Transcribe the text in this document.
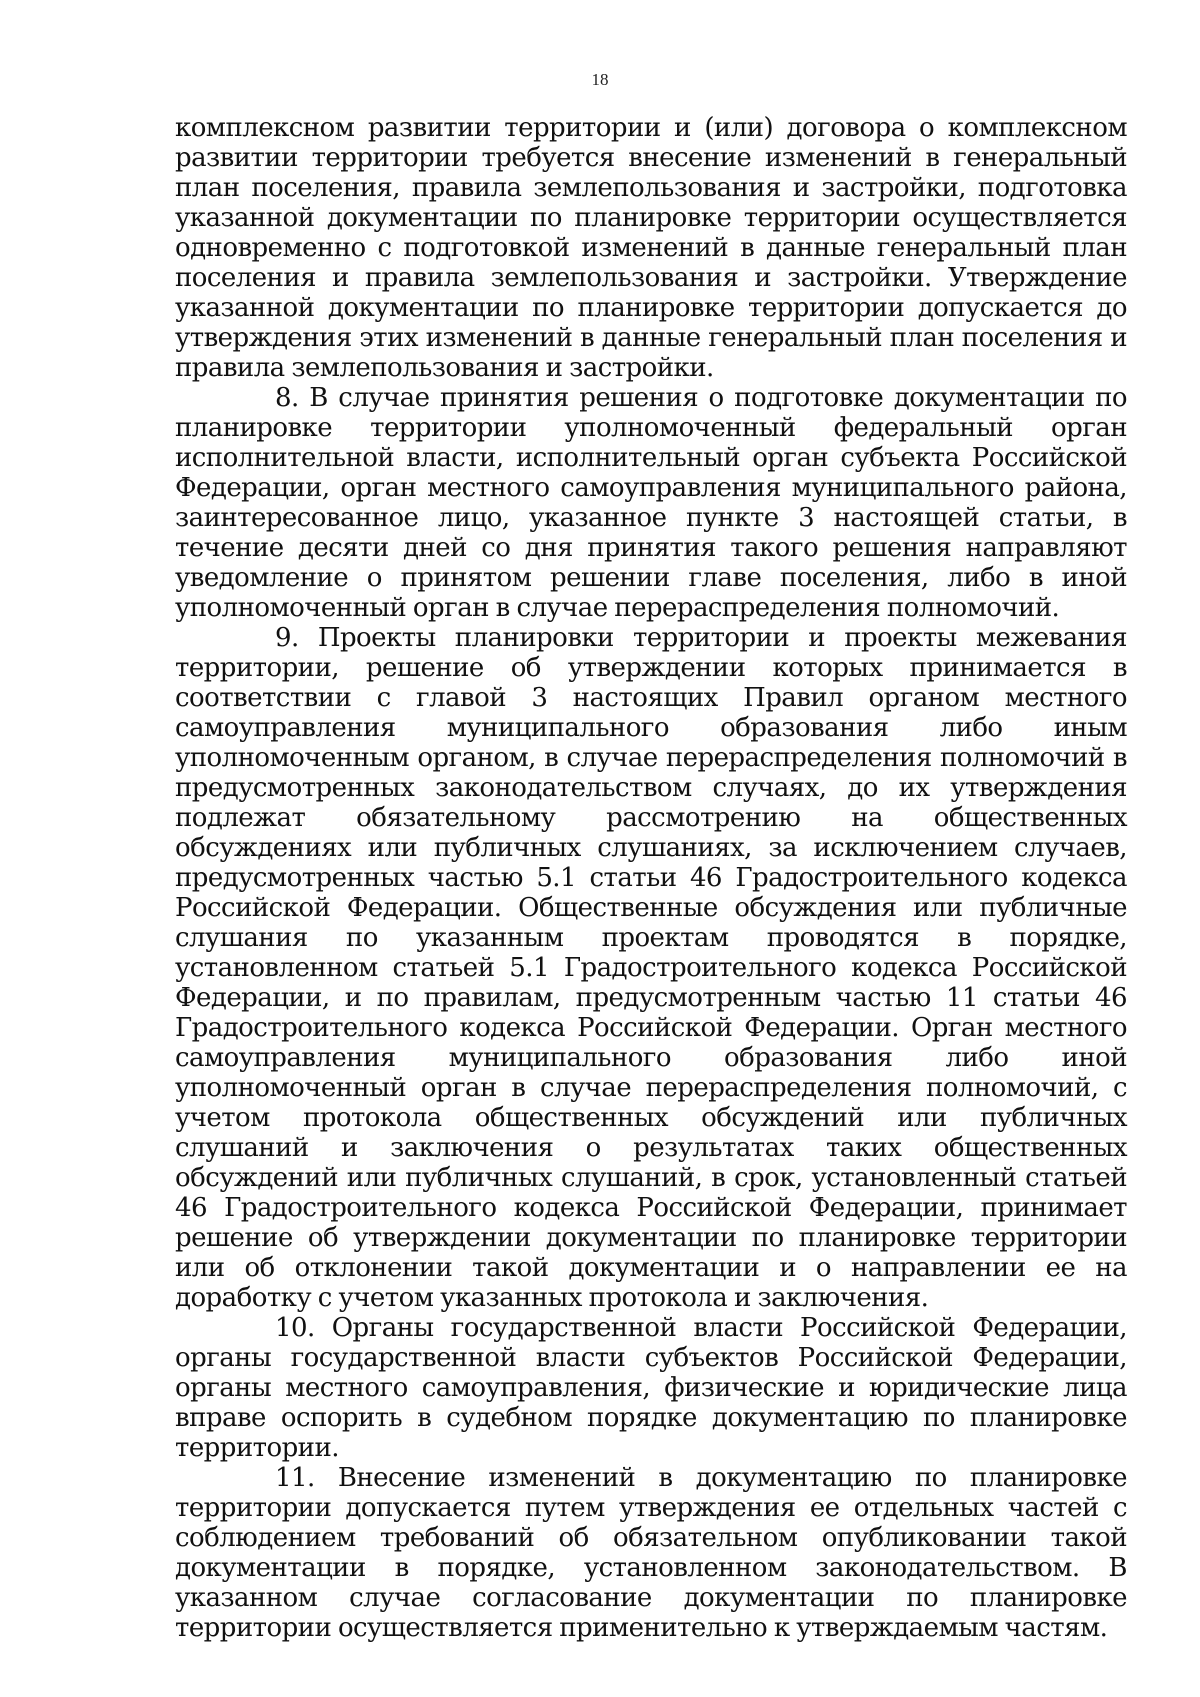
18

комплексном развитии территории и (или) договора о комплексном развитии территории требуется внесение изменений в генеральный план поселения, правила землепользования и застройки, подготовка указанной документации по планировке территории осуществляется одновременно с подготовкой изменений в данные генеральный план поселения и правила землепользования и застройки. Утверждение указанной документации по планировке территории допускается до утверждения этих изменений в данные генеральный план поселения и правила землепользования и застройки.

8. В случае принятия решения о подготовке документации по планировке территории уполномоченный федеральный орган исполнительной власти, исполнительный орган субъекта Российской Федерации, орган местного самоуправления муниципального района, заинтересованное лицо, указанное пункте 3 настоящей статьи, в течение десяти дней со дня принятия такого решения направляют уведомление о принятом решении главе поселения, либо в иной уполномоченный орган в случае перераспределения полномочий.

9. Проекты планировки территории и проекты межевания территории, решение об утверждении которых принимается в соответствии с главой 3 настоящих Правил органом местного самоуправления муниципального образования либо иным уполномоченным органом, в случае перераспределения полномочий в предусмотренных законодательством случаях, до их утверждения подлежат обязательному рассмотрению на общественных обсуждениях или публичных слушаниях, за исключением случаев, предусмотренных частью 5.1 статьи 46 Градостроительного кодекса Российской Федерации. Общественные обсуждения или публичные слушания по указанным проектам проводятся в порядке, установленном статьей 5.1 Градостроительного кодекса Российской Федерации, и по правилам, предусмотренным частью 11 статьи 46 Градостроительного кодекса Российской Федерации. Орган местного самоуправления муниципального образования либо иной уполномоченный орган в случае перераспределения полномочий, с учетом протокола общественных обсуждений или публичных слушаний и заключения о результатах таких общественных обсуждений или публичных слушаний, в срок, установленный статьей 46 Градостроительного кодекса Российской Федерации, принимает решение об утверждении документации по планировке территории или об отклонении такой документации и о направлении ее на доработку с учетом указанных протокола и заключения.

10. Органы государственной власти Российской Федерации, органы государственной власти субъектов Российской Федерации, органы местного самоуправления, физические и юридические лица вправе оспорить в судебном порядке документацию по планировке территории.

11. Внесение изменений в документацию по планировке территории допускается путем утверждения ее отдельных частей с соблюдением требований об обязательном опубликовании такой документации в порядке, установленном законодательством. В указанном случае согласование документации по планировке территории осуществляется применительно к утверждаемым частям.
